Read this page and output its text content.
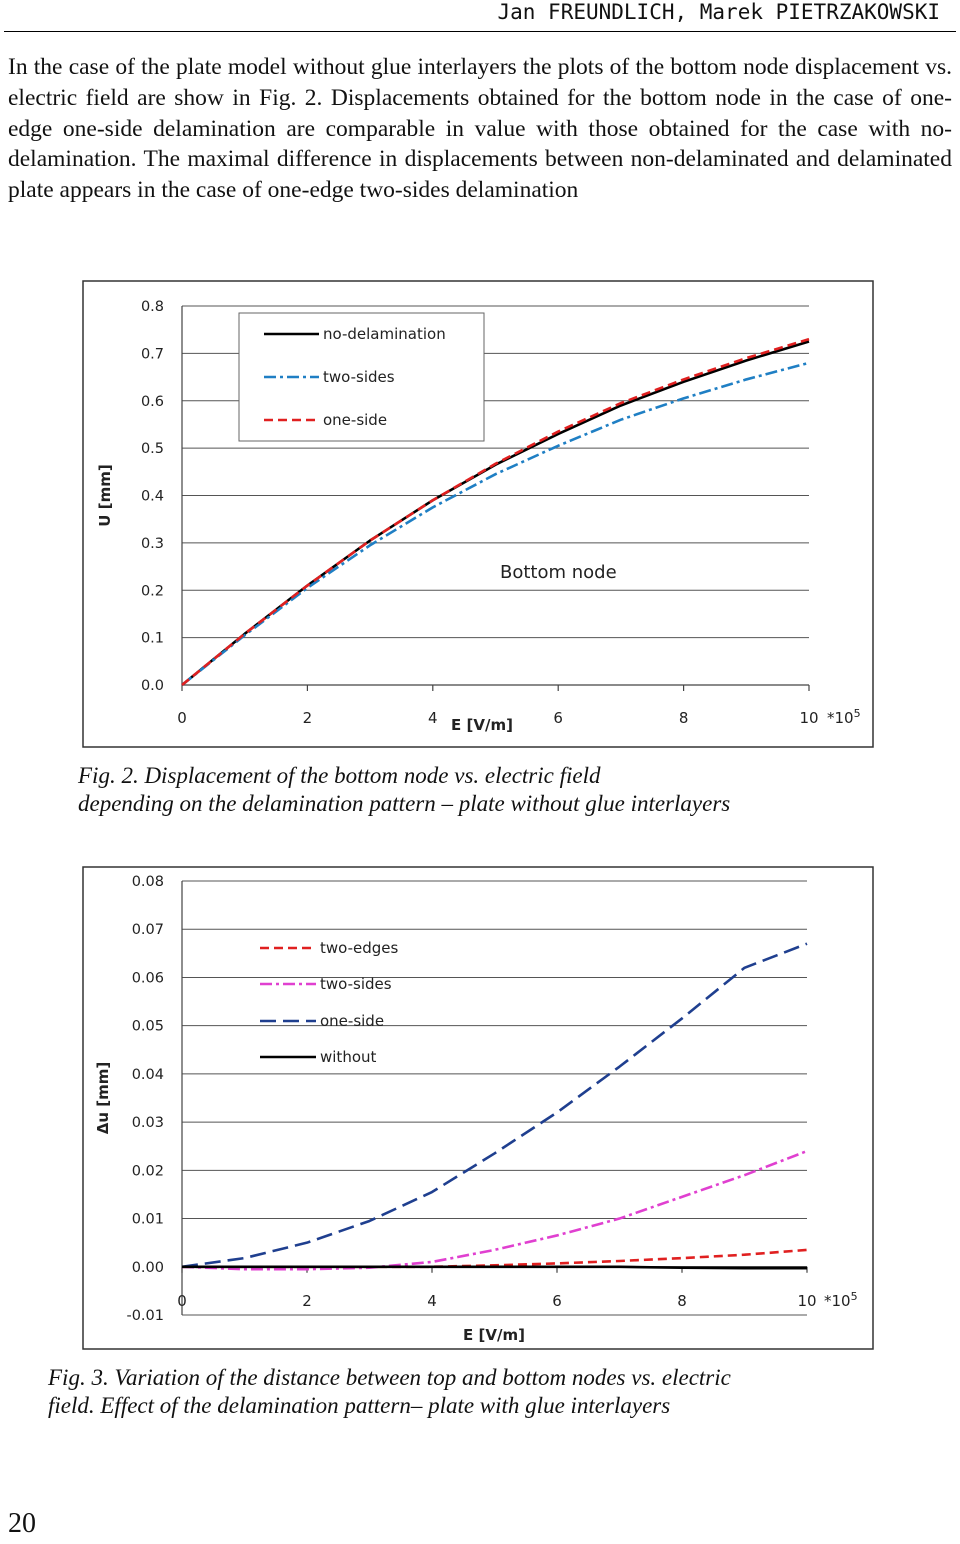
Jan FREUNDLICH, Marek PIETRZAKOWSKI
In the case of the plate model without glue interlayers the plots of the bottom node displacement vs. electric field are show in Fig. 2. Displacements obtained for the bottom node in the case of one-edge one-side delamination are comparable in value with those obtained for the case with no-delamination. The maximal difference in displacements between non-delaminated and delaminated plate appears in the case of one-edge two-sides delamination
0.0
0.1
0.2
0.3
0.4
0.5
0.6
0.7
0.8
0	2	4	6	8	10 $*10^5$
E [V/m]
U [mm]
no-delamination
two-sides
one-side
Bottom node
Fig. 2. Displacement of the bottom node vs. electric field
depending on the delamination pattern – plate without glue interlayers
-0.01
0.00
0.01
0.02
0.03
0.04
0.05
0.06
0.07
0.08
0	2	4	6	8	10 $*10^5$
E [V/m]
Δu [mm]
two-edges
two-sides
one-side
without
Fig. 3. Variation of the distance between top and bottom nodes vs. electric
field. Effect of the delamination pattern– plate with glue interlayers
20
